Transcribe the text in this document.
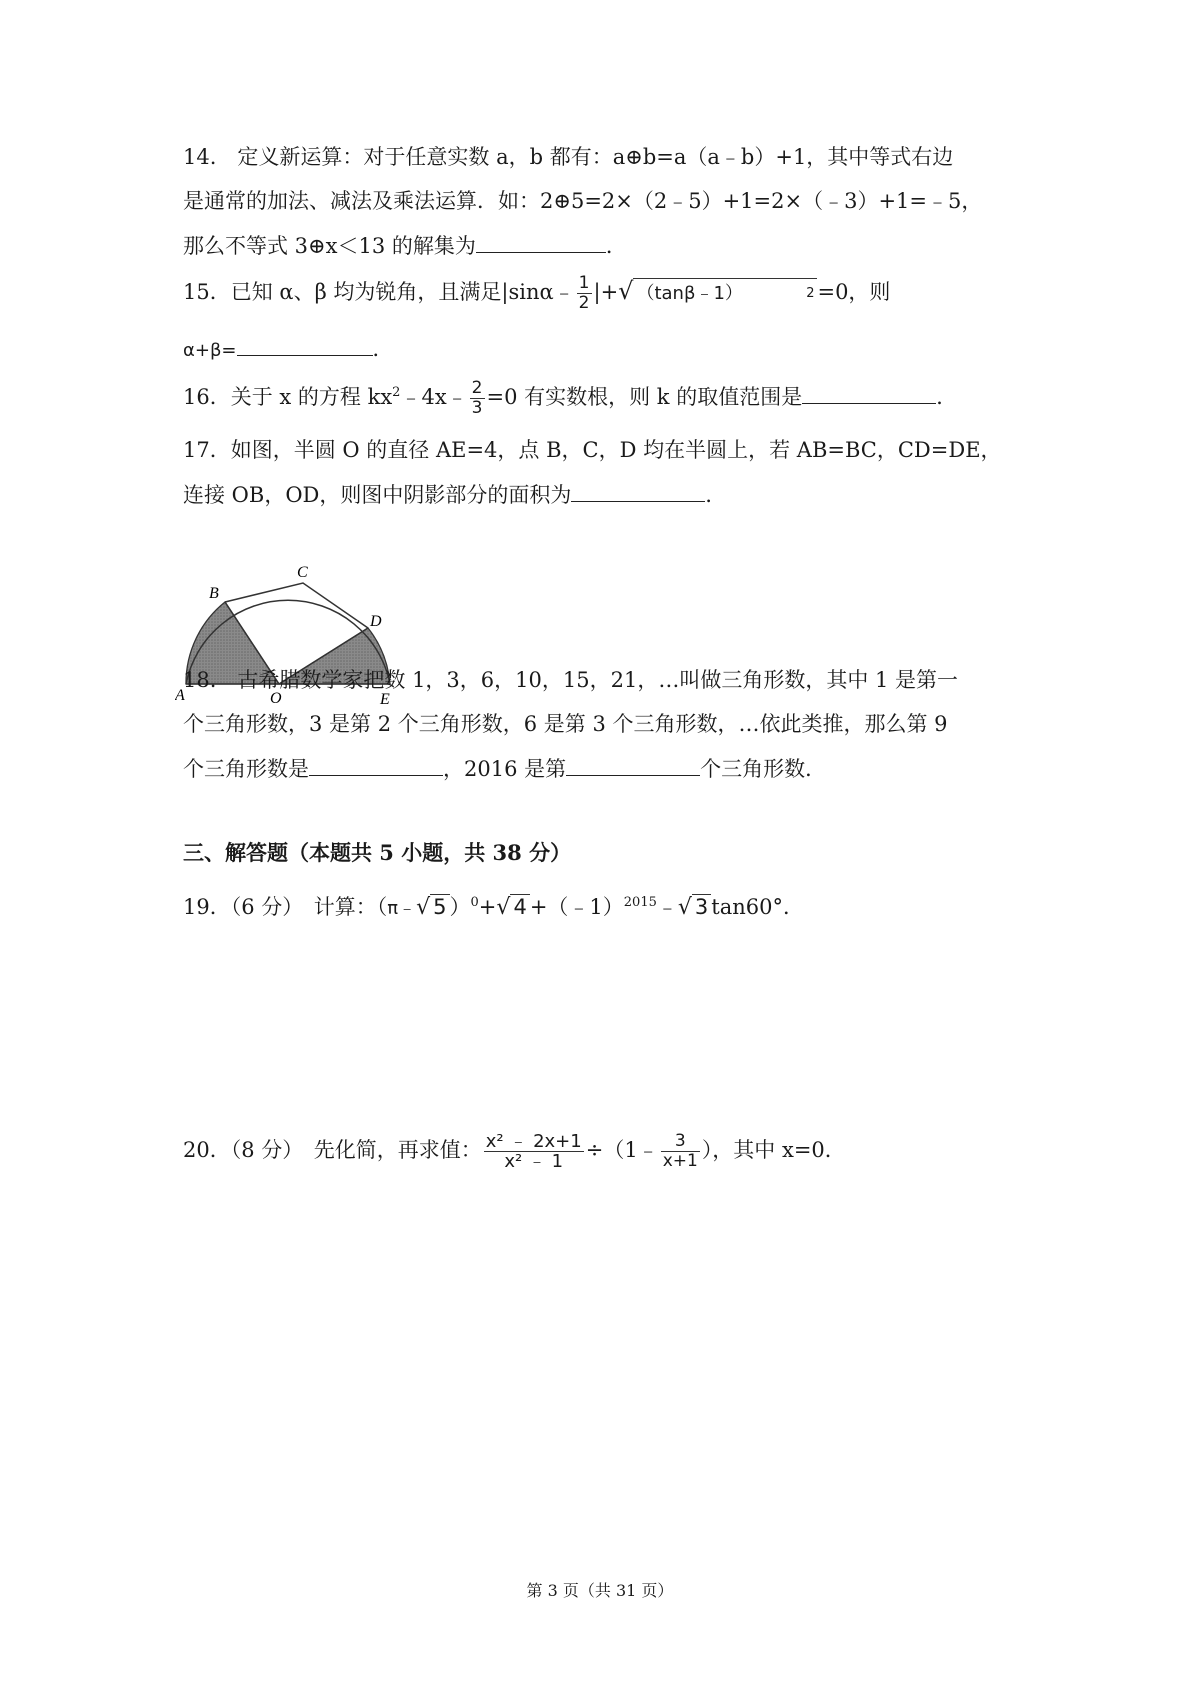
14.　定义新运算：对于任意实数 a，b 都有：a⊕b=a（a﹣b）+1，其中等式右边
是通常的加法、减法及乘法运算．如：2⊕5=2×（2﹣5）+1=2×（﹣3）+1=﹣5，
那么不等式 3⊕x＜13 的解集为	．
15．已知 α、β 均为锐角，且满足|sinα﹣ $\frac{1}{2}$ |+√ （tanβ﹣1）	2 =0，则
α+β=	．
16．关于 x 的方程 $kx^2﹣4x﹣ \frac{2}{3} =0$ 有实数根，则 k 的取值范围是	．
17．如图，半圆 O 的直径 AE=4，点 B，C，D 均在半圆上，若 AB=BC，CD=DE，
连接 OB，OD，则图中阴影部分的面积为	．
A
B
C
D
O	E
18.　古希腊数学家把数 1，3，6，10，15，21，…叫做三角形数，其中 1 是第一
个三角形数，3 是第 2 个三角形数，6 是第 3 个三角形数，…依此类推，那么第 9
个三角形数是	，2016 是第	个三角形数．
三、解答题（本题共 5 小题，共 38 分）
19．（6 分）　计算：（π﹣√ 5 ）$^0$+√ 4 +（﹣1）$^{2015}$﹣√ 3 tan60°．
20．（8 分）　先化简，再求值： $\frac{\text{x² ﹣ 2x+1}}{\text{x² ﹣ 1}}$ ÷（1﹣ $\frac{3}{x+1}$ ），其中 x=0．
第 3 页（共 31 页）
